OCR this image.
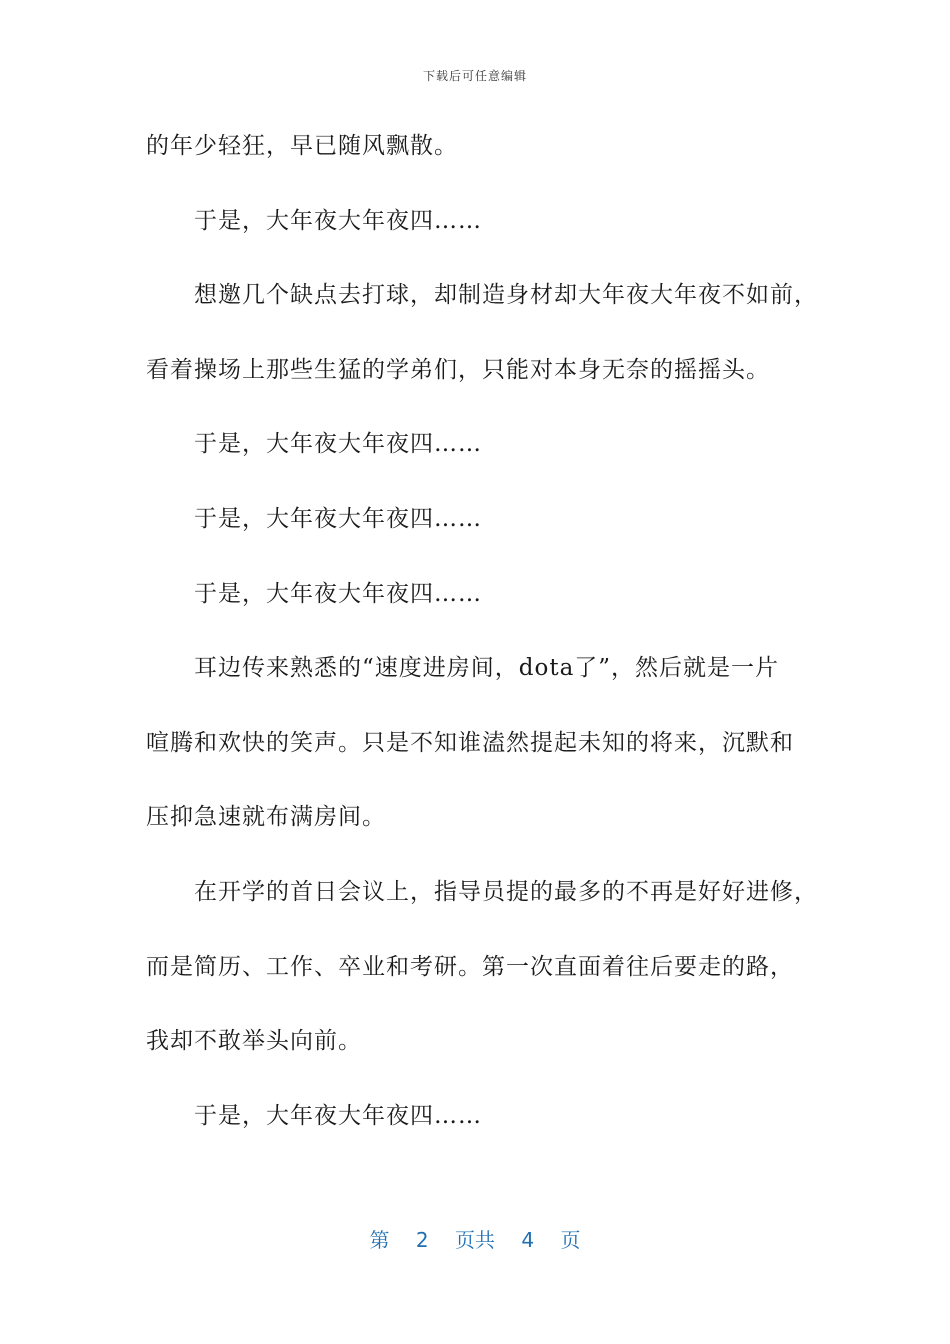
下载后可任意编辑
的年少轻狂，早已随风飘散。
于是，大年夜大年夜四……
想邀几个缺点去打球，却制造身材却大年夜大年夜不如前，
看着操场上那些生猛的学弟们，只能对本身无奈的摇摇头。
于是，大年夜大年夜四……
于是，大年夜大年夜四……
于是，大年夜大年夜四……
耳边传来熟悉的“速度进房间，dota了”，然后就是一片
喧腾和欢快的笑声。只是不知谁溘然提起未知的将来，沉默和
压抑急速就布满房间。
在开学的首日会议上，指导员提的最多的不再是好好进修，
而是简历、工作、卒业和考研。第一次直面着往后要走的路，
我却不敢举头向前。
于是，大年夜大年夜四……
第 2 页共 4 页
